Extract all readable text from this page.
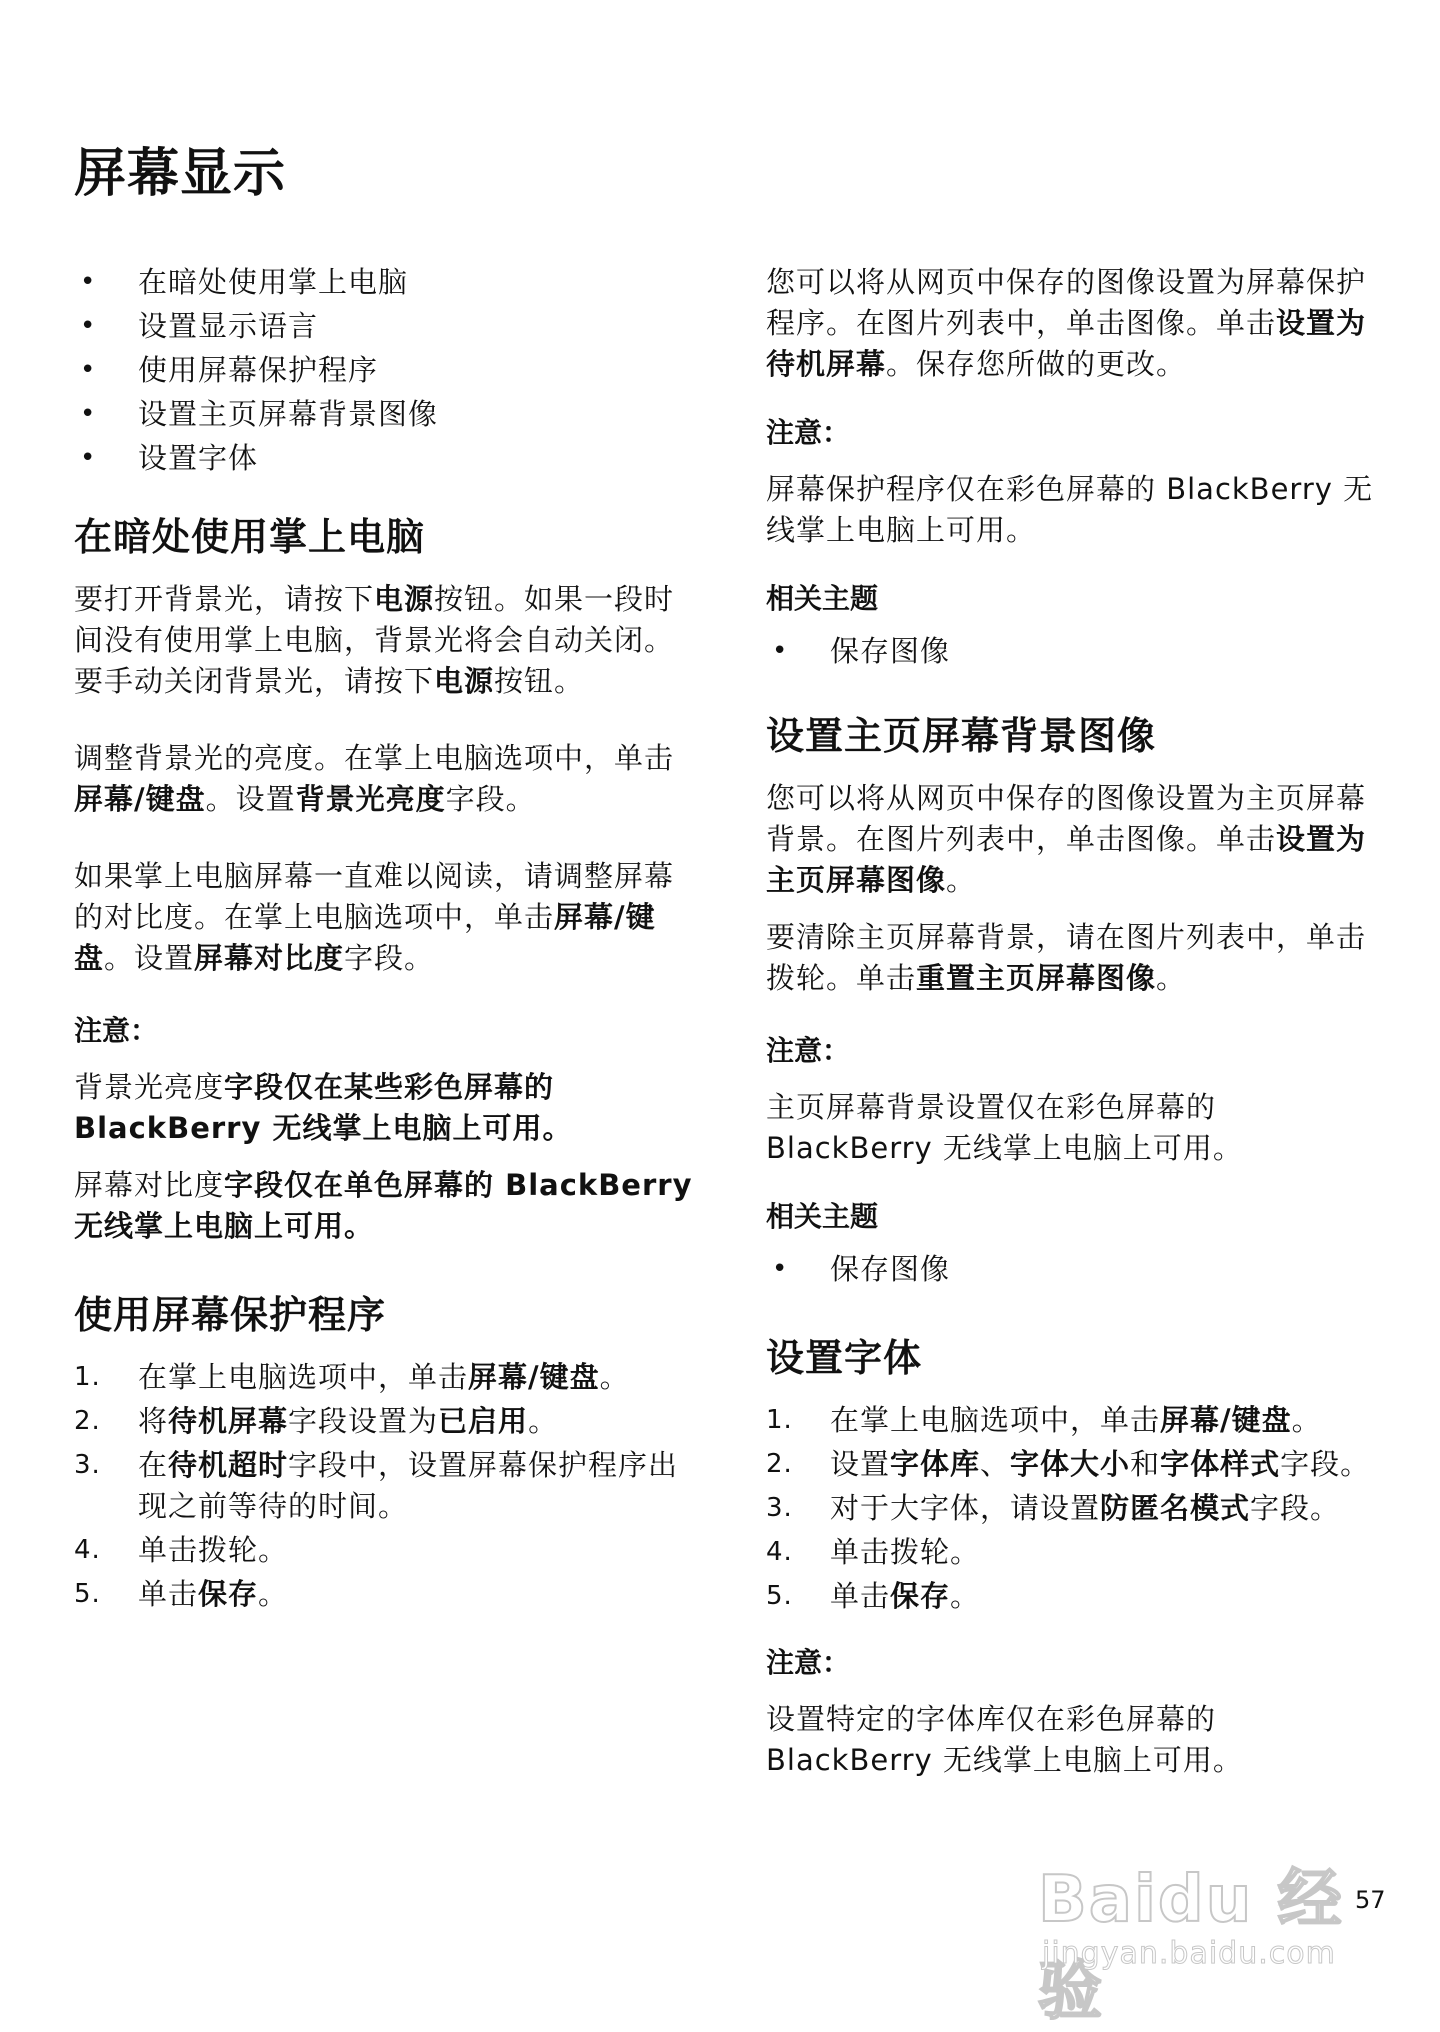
屏幕显示
• 在暗处使用掌上电脑
• 设置显示语言
• 使用屏幕保护程序
• 设置主页屏幕背景图像
• 设置字体
在暗处使用掌上电脑

要打开背景光，请按下电源按钮。如果一段时间没有使用掌上电脑，背景光将会自动关闭。要手动关闭背景光，请按下电源按钮。

调整背景光的亮度。在掌上电脑选项中，单击屏幕/键盘。设置背景光亮度字段。

如果掌上电脑屏幕一直难以阅读，请调整屏幕的对比度。在掌上电脑选项中，单击屏幕/键盘。设置屏幕对比度字段。

注意：

背景光亮度字段仅在某些彩色屏幕的 BlackBerry 无线掌上电脑上可用。

屏幕对比度字段仅在单色屏幕的 BlackBerry 无线掌上电脑上可用。

使用屏幕保护程序
1. 在掌上电脑选项中，单击屏幕/键盘。
2. 将待机屏幕字段设置为已启用。
3. 在待机超时字段中，设置屏幕保护程序出现之前等待的时间。
4. 单击拨轮。
5. 单击保存。

您可以将从网页中保存的图像设置为屏幕保护程序。在图片列表中，单击图像。单击设置为待机屏幕。保存您所做的更改。

注意：

屏幕保护程序仅在彩色屏幕的 BlackBerry 无线掌上电脑上可用。

相关主题

• 保存图像
设置主页屏幕背景图像

您可以将从网页中保存的图像设置为主页屏幕背景。在图片列表中，单击图像。单击设置为主页屏幕图像。

要清除主页屏幕背景，请在图片列表中，单击拨轮。单击重置主页屏幕图像。

注意：

主页屏幕背景设置仅在彩色屏幕的 BlackBerry 无线掌上电脑上可用。

相关主题

• 保存图像
设置字体
1. 在掌上电脑选项中，单击屏幕/键盘。
2. 设置字体库、字体大小和字体样式字段。
3. 对于大字体，请设置防匿名模式字段。
4. 单击拨轮。
5. 单击保存。

注意：

设置特定的字体库仅在彩色屏幕的 BlackBerry 无线掌上电脑上可用。

57
Baidu 经验
jingyan.baidu.com
